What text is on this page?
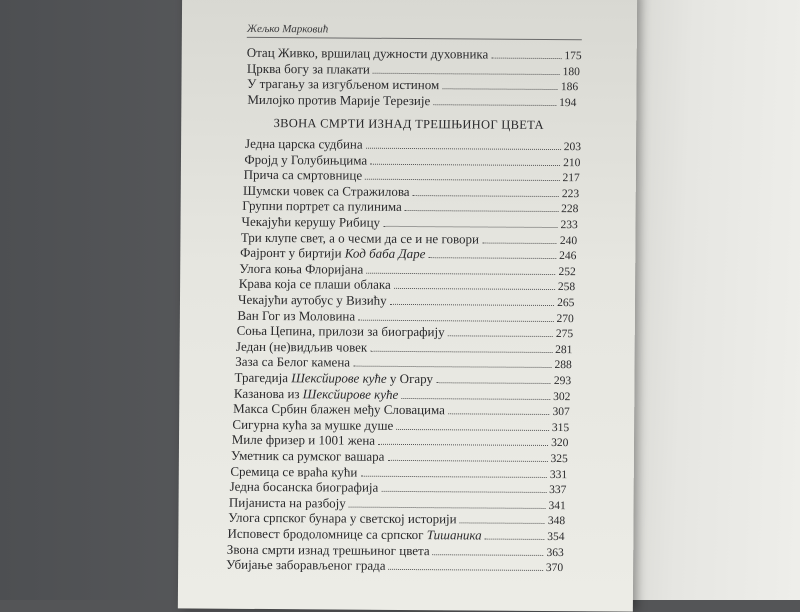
Жељко Марковић
Отац Живко, вршилац дужности духовника	175
Црква богу за плакати	180
У трагању за изгубљеном истином	186
Милојко против Марије Терезије	194
ЗВОНА СМРТИ ИЗНАД ТРЕШЊИНОГ ЦВЕТА
Једна царска судбина	203
Фројд у Голубињцима	210
Прича са смртовнице	217
Шумски човек са Стражилова	223
Групни портрет са пулинима	228
Чекајући керушу Рибицу	233
Три клупе свет, а о чесми да се и не говори	240
Фајронт у биртији Код баба Даре	246
Улога коња Флоријана	252
Крава која се плаши облака	258
Чекајући аутобус у Визићу	265
Ван Гог из Моловина	270
Соња Цепина, прилози за биографију	275
Један (не)видљив човек	281
Заза са Белог камена	288
Трагедија Шексйирове куће у Огару	293
Казанова из Шексйирове куће	302
Макса Србин блажен међу Словацима	307
Сигурна кућа за мушке душе	315
Миле фризер и 1001 жена	320
Уметник са румског вашара	325
Сремица се враћа кући	331
Једна босанска биографија	337
Пијаниста на разбоју	341
Улога српског бунара у светској историји	348
Исповест бродоломнице са српског Тишаника	354
Звона смрти изнад трешњиног цвета	363
Убијање заборављеног града	370
